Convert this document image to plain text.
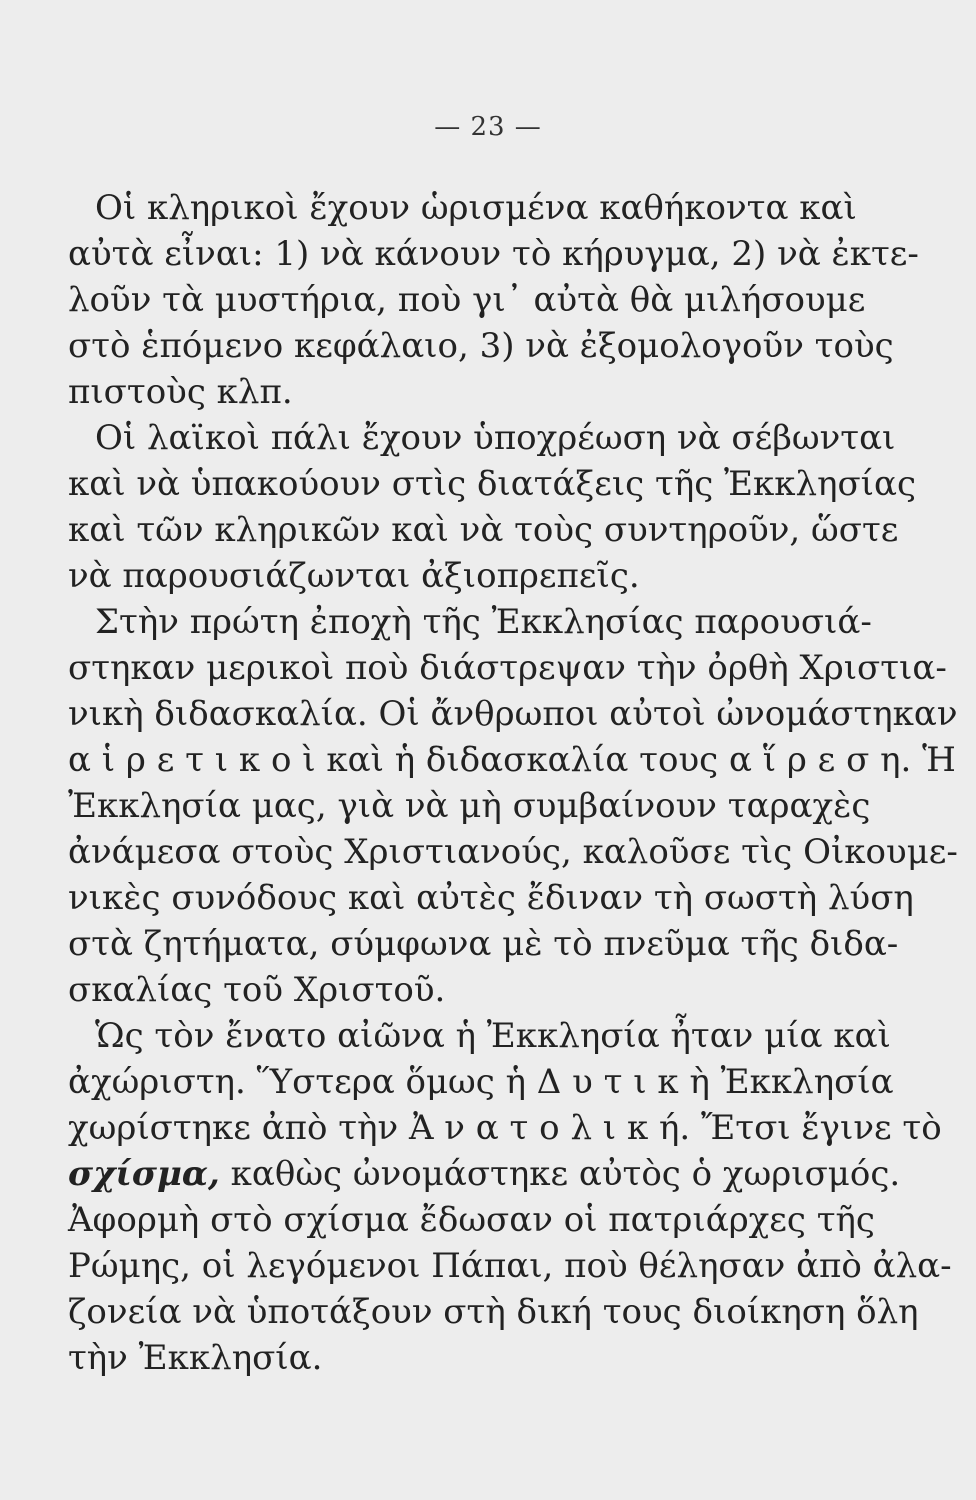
— 23 —
Οἱ κληρικοὶ ἔχουν ὡρισμένα καθήκοντα καὶ
αὐτὰ εἶναι: 1) νὰ κάνουν τὸ κήρυγμα, 2) νὰ ἐκτε-
λοῦν τὰ μυστήρια, ποὺ γι᾿ αὐτὰ θὰ μιλήσουμε
στὸ ἑπόμενο κεφάλαιο, 3) νὰ ἐξομολογοῦν τοὺς
πιστοὺς κλπ.
Οἱ λαϊκοὶ πάλι ἔχουν ὑποχρέωση νὰ σέβωνται
καὶ νὰ ὑπακούουν στὶς διατάξεις τῆς Ἐκκλησίας
καὶ τῶν κληρικῶν καὶ νὰ τοὺς συντηροῦν, ὥστε
νὰ παρουσιάζωνται ἀξιοπρεπεῖς.
Στὴν πρώτη ἐποχὴ τῆς Ἐκκλησίας παρουσιά-
στηκαν μερικοὶ ποὺ διάστρεψαν τὴν ὀρθὴ Χριστια-
νικὴ διδασκαλία. Οἱ ἄνθρωποι αὐτοὶ ὠνομάστηκαν
α ἱ ρ ε τ ι κ ο ὶ καὶ ἡ διδασκαλία τους α ἵ ρ ε σ η. Ἡ
Ἐκκλησία μας, γιὰ νὰ μὴ συμβαίνουν ταραχὲς
ἀνάμεσα στοὺς Χριστιανούς, καλοῦσε τὶς Οἰκουμε-
νικὲς συνόδους καὶ αὐτὲς ἔδιναν τὴ σωστὴ λύση
στὰ ζητήματα, σύμφωνα μὲ τὸ πνεῦμα τῆς διδα-
σκαλίας τοῦ Χριστοῦ.
Ὡς τὸν ἔνατο αἰῶνα ἡ Ἐκκλησία ἦταν μία καὶ
ἀχώριστη. Ὕστερα ὅμως ἡ Δ υ τ ι κ ὴ Ἐκκλησία
χωρίστηκε ἀπὸ τὴν Ἀ ν α τ ο λ ι κ ή. Ἔτσι ἔγινε τὸ
σχίσμα, καθὼς ὠνομάστηκε αὐτὸς ὁ χωρισμός.
Ἀφορμὴ στὸ σχίσμα ἔδωσαν οἱ πατριάρχες τῆς
Ρώμης, οἱ λεγόμενοι Πάπαι, ποὺ θέλησαν ἀπὸ ἀλα-
ζονεία νὰ ὑποτάξουν στὴ δική τους διοίκηση ὅλη
τὴν Ἐκκλησία.
